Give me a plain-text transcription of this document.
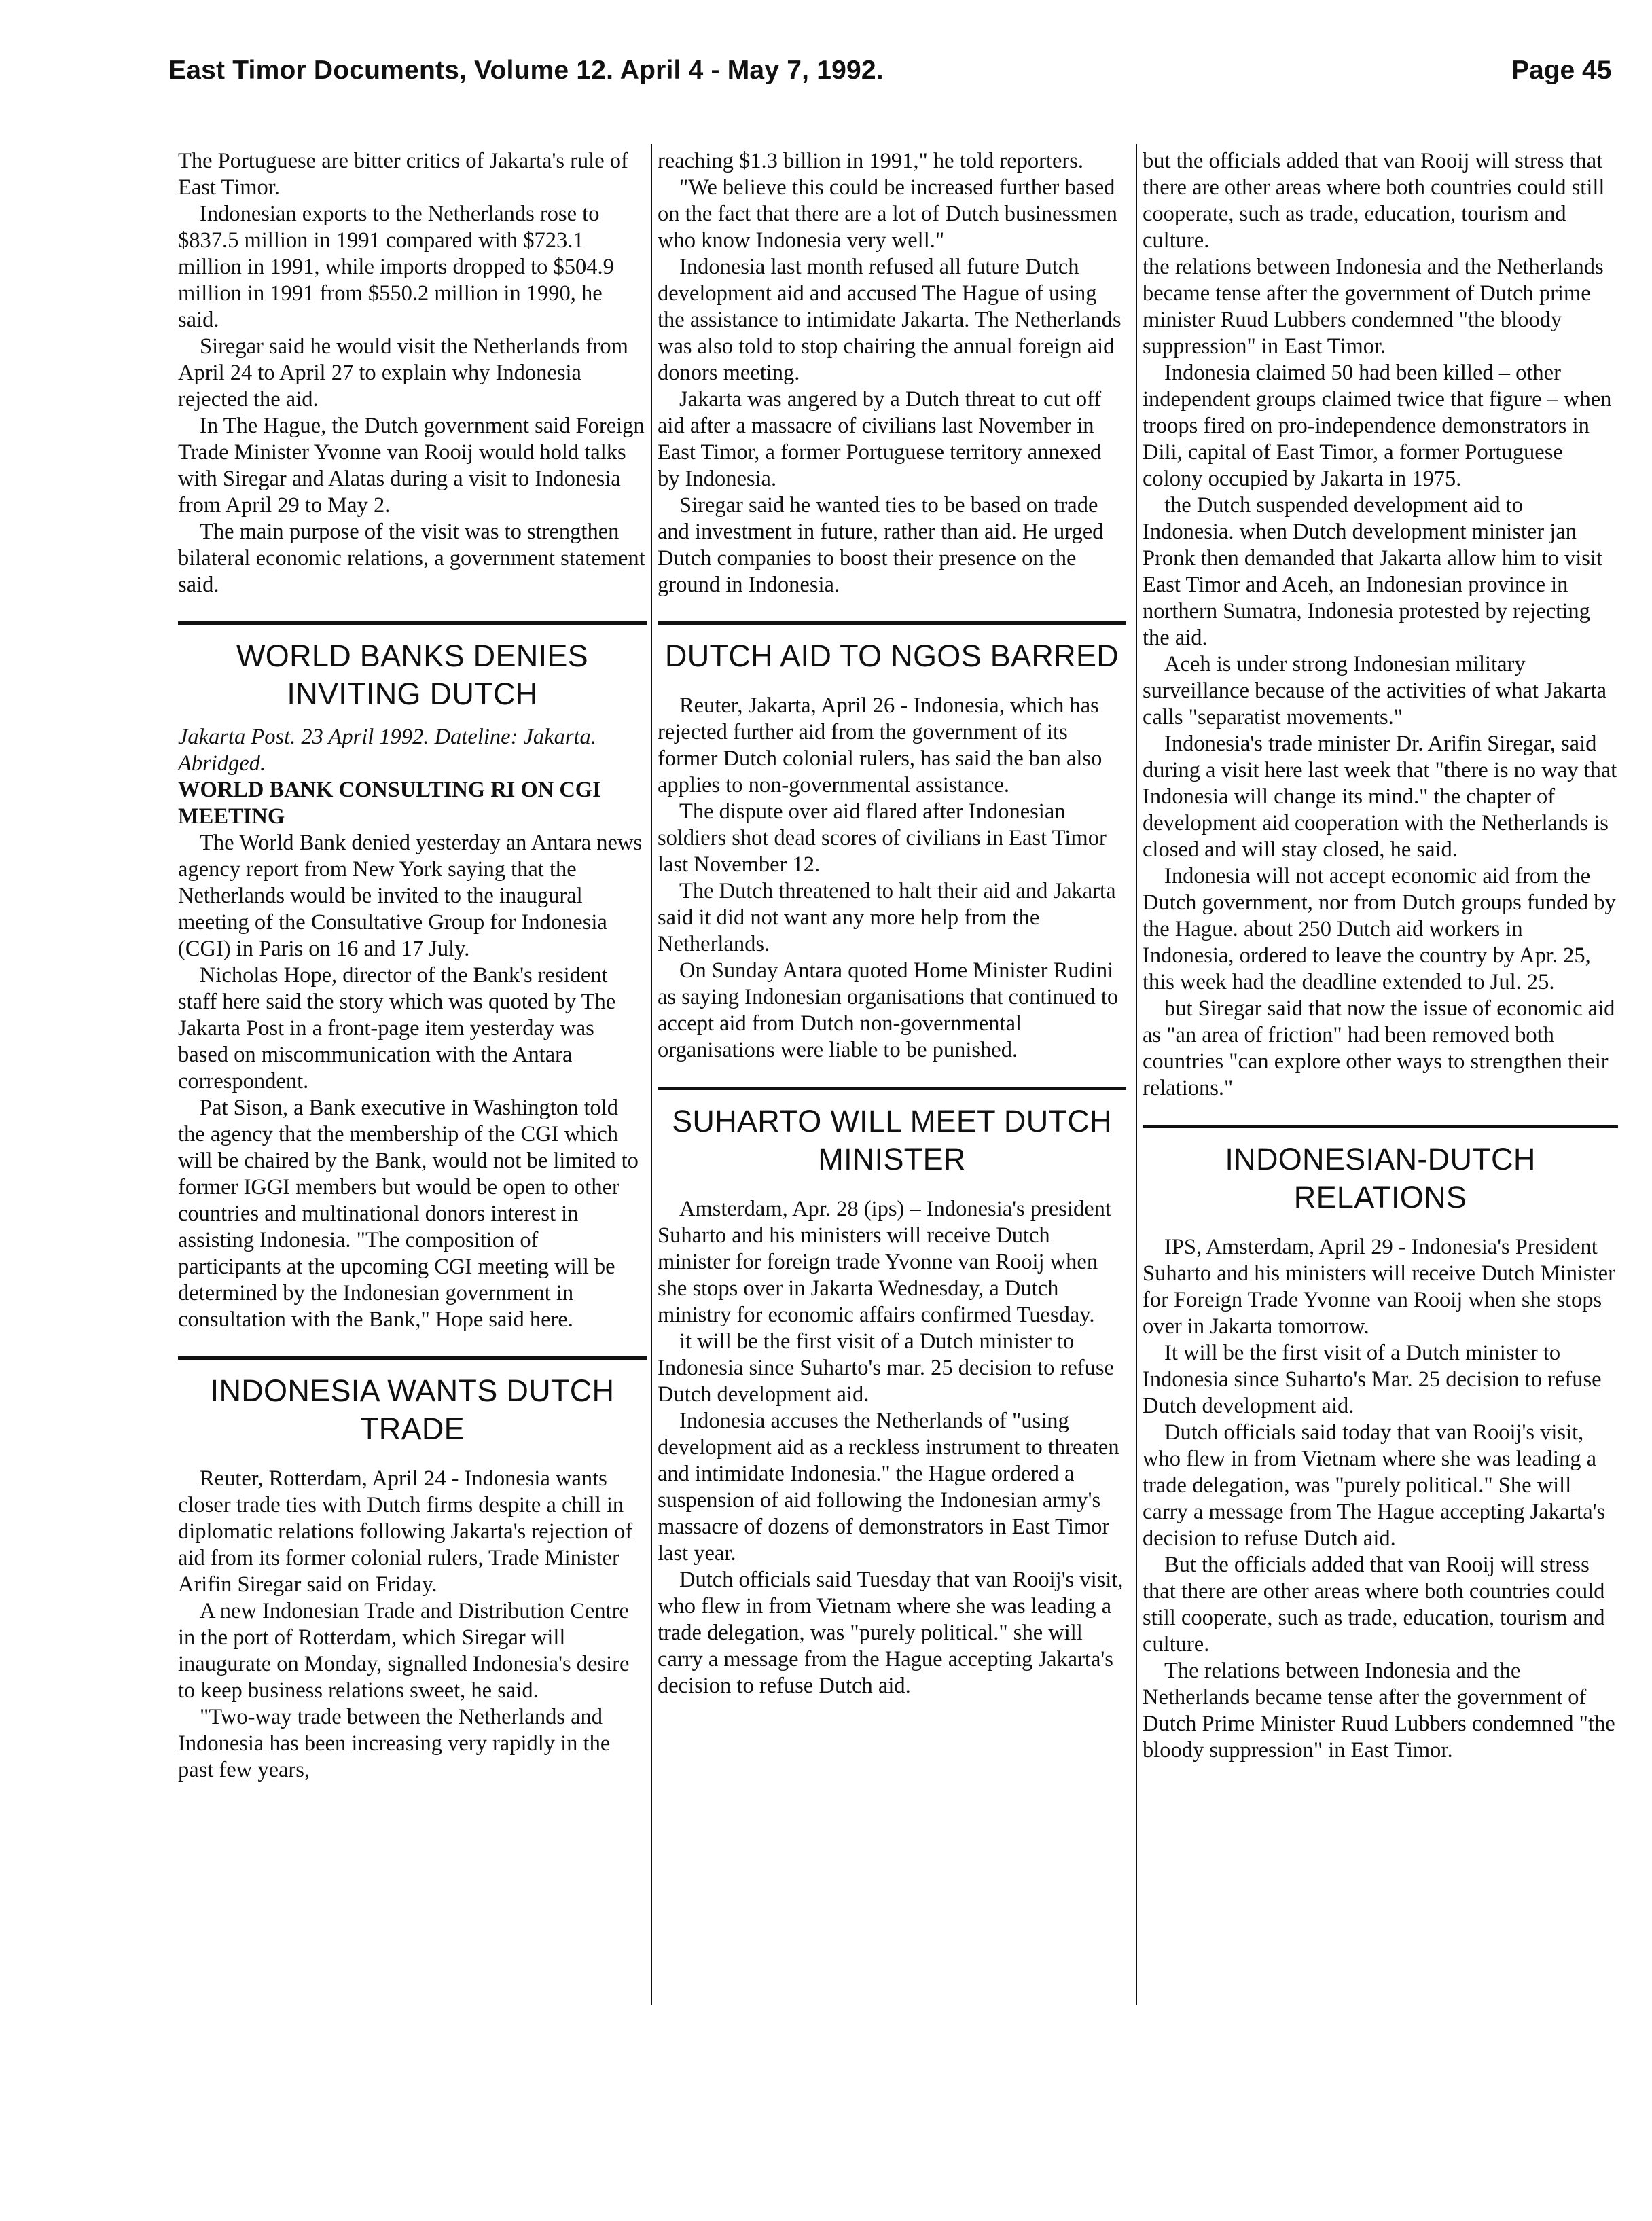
East Timor Documents, Volume 12. April 4 - May 7, 1992.	Page 45

The Portuguese are bitter critics of Jakarta's rule of East Timor.

Indonesian exports to the Netherlands rose to $837.5 million in 1991 compared with $723.1 million in 1991, while imports dropped to $504.9 million in 1991 from $550.2 million in 1990, he said.

Siregar said he would visit the Netherlands from April 24 to April 27 to explain why Indonesia rejected the aid.

In The Hague, the Dutch government said Foreign Trade Minister Yvonne van Rooij would hold talks with Siregar and Alatas during a visit to Indonesia from April 29 to May 2.

The main purpose of the visit was to strengthen bilateral economic relations, a government statement said.

WORLD BANKS DENIES INVITING DUTCH

Jakarta Post. 23 April 1992. Dateline: Jakarta. Abridged.

WORLD BANK CONSULTING RI ON CGI MEETING

The World Bank denied yesterday an Antara news agency report from New York saying that the Netherlands would be invited to the inaugural meeting of the Consultative Group for Indonesia (CGI) in Paris on 16 and 17 July.

Nicholas Hope, director of the Bank's resident staff here said the story which was quoted by The Jakarta Post in a front-page item yesterday was based on miscommunication with the Antara correspondent.

Pat Sison, a Bank executive in Washington told the agency that the membership of the CGI which will be chaired by the Bank, would not be limited to former IGGI members but would be open to other countries and multinational donors interest in assisting Indonesia. "The composition of participants at the upcoming CGI meeting will be determined by the Indonesian government in consultation with the Bank," Hope said here.

INDONESIA WANTS DUTCH TRADE

Reuter, Rotterdam, April 24 - Indonesia wants closer trade ties with Dutch firms despite a chill in diplomatic relations following Jakarta's rejection of aid from its former colonial rulers, Trade Minister Arifin Siregar said on Friday.

A new Indonesian Trade and Distribution Centre in the port of Rotterdam, which Siregar will inaugurate on Monday, signalled Indonesia's desire to keep business relations sweet, he said.

"Two-way trade between the Netherlands and Indonesia has been increasing very rapidly in the past few years,

reaching $1.3 billion in 1991," he told reporters.

"We believe this could be increased further based on the fact that there are a lot of Dutch businessmen who know Indonesia very well."

Indonesia last month refused all future Dutch development aid and accused The Hague of using the assistance to intimidate Jakarta. The Netherlands was also told to stop chairing the annual foreign aid donors meeting.

Jakarta was angered by a Dutch threat to cut off aid after a massacre of civilians last November in East Timor, a former Portuguese territory annexed by Indonesia.

Siregar said he wanted ties to be based on trade and investment in future, rather than aid. He urged Dutch companies to boost their presence on the ground in Indonesia.

DUTCH AID TO NGOS BARRED

Reuter, Jakarta, April 26 - Indonesia, which has rejected further aid from the government of its former Dutch colonial rulers, has said the ban also applies to non-governmental assistance.

The dispute over aid flared after Indonesian soldiers shot dead scores of civilians in East Timor last November 12.

The Dutch threatened to halt their aid and Jakarta said it did not want any more help from the Netherlands.

On Sunday Antara quoted Home Minister Rudini as saying Indonesian organisations that continued to accept aid from Dutch non-governmental organisations were liable to be punished.

SUHARTO WILL MEET DUTCH MINISTER

Amsterdam, Apr. 28 (ips) – Indonesia's president Suharto and his ministers will receive Dutch minister for foreign trade Yvonne van Rooij when she stops over in Jakarta Wednesday, a Dutch ministry for economic affairs confirmed Tuesday.

it will be the first visit of a Dutch minister to Indonesia since Suharto's mar. 25 decision to refuse Dutch development aid.

Indonesia accuses the Netherlands of "using development aid as a reckless instrument to threaten and intimidate Indonesia." the Hague ordered a suspension of aid following the Indonesian army's massacre of dozens of demonstrators in East Timor last year.

Dutch officials said Tuesday that van Rooij's visit, who flew in from Vietnam where she was leading a trade delegation, was "purely political." she will carry a message from the Hague accepting Jakarta's decision to refuse Dutch aid.

but the officials added that van Rooij will stress that there are other areas where both countries could still cooperate, such as trade, education, tourism and culture.

the relations between Indonesia and the Netherlands became tense after the government of Dutch prime minister Ruud Lubbers condemned "the bloody suppression" in East Timor.

Indonesia claimed 50 had been killed – other independent groups claimed twice that figure – when troops fired on pro-independence demonstrators in Dili, capital of East Timor, a former Portuguese colony occupied by Jakarta in 1975.

the Dutch suspended development aid to Indonesia. when Dutch development minister jan Pronk then demanded that Jakarta allow him to visit East Timor and Aceh, an Indonesian province in northern Sumatra, Indonesia protested by rejecting the aid.

Aceh is under strong Indonesian military surveillance because of the activities of what Jakarta calls "separatist movements."

Indonesia's trade minister Dr. Arifin Siregar, said during a visit here last week that "there is no way that Indonesia will change its mind." the chapter of development aid cooperation with the Netherlands is closed and will stay closed, he said.

Indonesia will not accept economic aid from the Dutch government, nor from Dutch groups funded by the Hague. about 250 Dutch aid workers in Indonesia, ordered to leave the country by Apr. 25, this week had the deadline extended to Jul. 25.

but Siregar said that now the issue of economic aid as "an area of friction" had been removed both countries "can explore other ways to strengthen their relations."

INDONESIAN-DUTCH RELATIONS

IPS, Amsterdam, April 29 - Indonesia's President Suharto and his ministers will receive Dutch Minister for Foreign Trade Yvonne van Rooij when she stops over in Jakarta tomorrow.

It will be the first visit of a Dutch minister to Indonesia since Suharto's Mar. 25 decision to refuse Dutch development aid.

Dutch officials said today that van Rooij's visit, who flew in from Vietnam where she was leading a trade delegation, was "purely political." She will carry a message from The Hague accepting Jakarta's decision to refuse Dutch aid.

But the officials added that van Rooij will stress that there are other areas where both countries could still cooperate, such as trade, education, tourism and culture.

The relations between Indonesia and the Netherlands became tense after the government of Dutch Prime Minister Ruud Lubbers condemned "the bloody suppression" in East Timor.
